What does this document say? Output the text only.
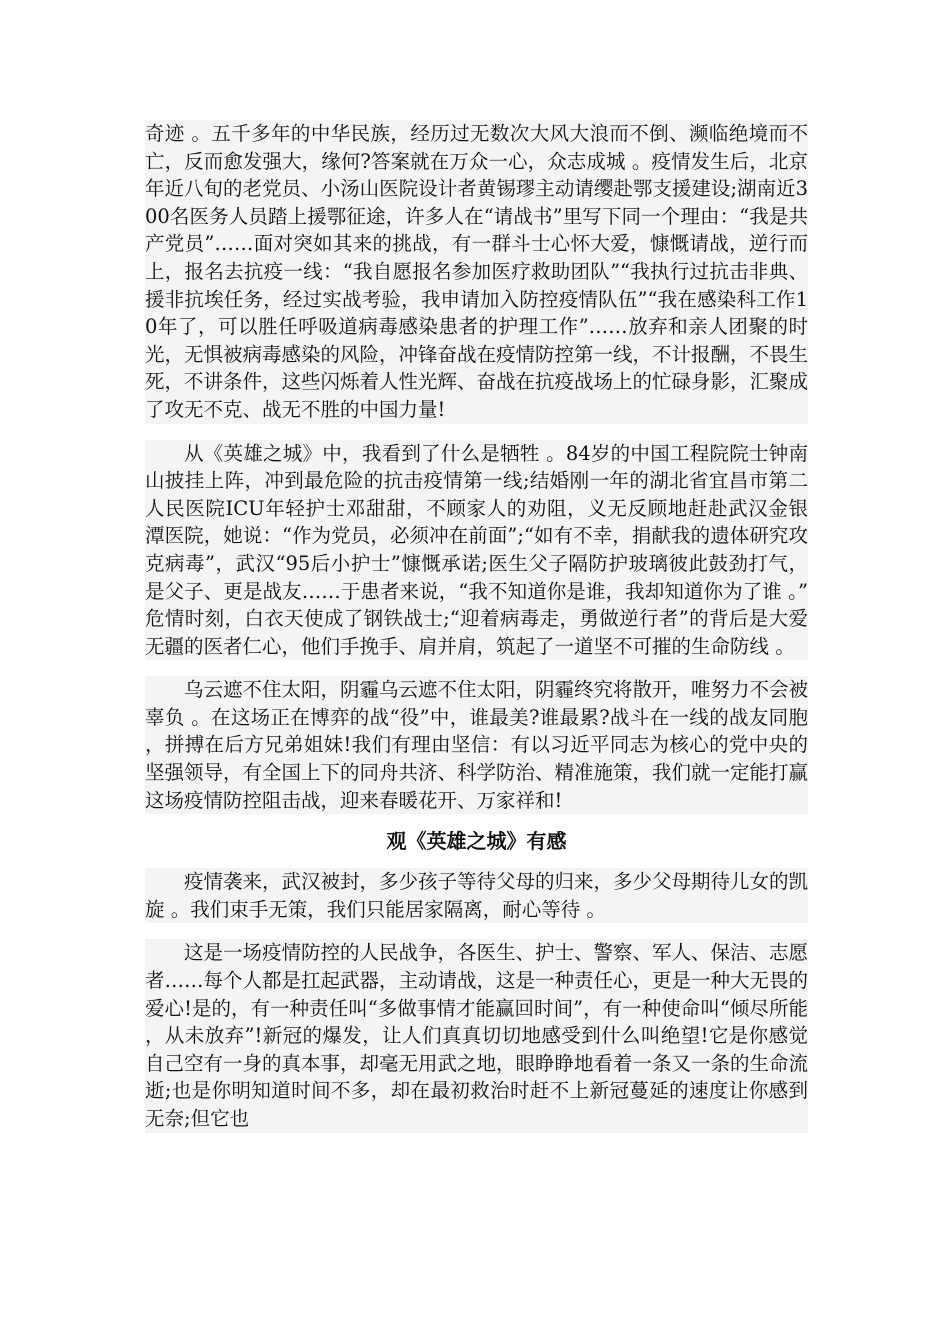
奇迹 。五千多年的中华民族，经历过无数次大风大浪而不倒、濒临绝境而不亡，反而愈发强大，缘何?答案就在万众一心，众志成城 。疫情发生后，北京年近八旬的老党员、小汤山医院设计者黄锡璆主动请缨赴鄂支援建设;湖南近300名医务人员踏上援鄂征途，许多人在“请战书”里写下同一个理由：“我是共产党员”……面对突如其来的挑战，有一群斗士心怀大爱，慷慨请战，逆行而上，报名去抗疫一线：“我自愿报名参加医疗救助团队”“我执行过抗击非典、援非抗埃任务，经过实战考验，我申请加入防控疫情队伍”“我在感染科工作10年了，可以胜任呼吸道病毒感染患者的护理工作”……放弃和亲人团聚的时光，无惧被病毒感染的风险，冲锋奋战在疫情防控第一线，不计报酬，不畏生死，不讲条件，这些闪烁着人性光辉、奋战在抗疫战场上的忙碌身影，汇聚成了攻无不克、战无不胜的中国力量!

从《英雄之城》中，我看到了什么是牺牲 。84岁的中国工程院院士钟南山披挂上阵，冲到最危险的抗击疫情第一线;结婚刚一年的湖北省宜昌市第二人民医院ICU年轻护士邓甜甜，不顾家人的劝阻，义无反顾地赶赴武汉金银潭医院，她说：“作为党员，必须冲在前面”;“如有不幸，捐献我的遗体研究攻克病毒”，武汉“95后小护士”慷慨承诺;医生父子隔防护玻璃彼此鼓劲打气，是父子、更是战友……于患者来说，“我不知道你是谁，我却知道你为了谁 。”危情时刻，白衣天使成了钢铁战士;“迎着病毒走，勇做逆行者”的背后是大爱无疆的医者仁心，他们手挽手、肩并肩，筑起了一道坚不可摧的生命防线 。

乌云遮不住太阳，阴霾乌云遮不住太阳，阴霾终究将散开，唯努力不会被辜负 。在这场正在博弈的战“役”中，谁最美?谁最累?战斗在一线的战友同胞，拼搏在后方兄弟姐妹!我们有理由坚信：有以习近平同志为核心的党中央的坚强领导，有全国上下的同舟共济、科学防治、精准施策，我们就一定能打赢这场疫情防控阻击战，迎来春暖花开、万家祥和!

观《英雄之城》有感

疫情袭来，武汉被封，多少孩子等待父母的归来，多少父母期待儿女的凯旋 。我们束手无策，我们只能居家隔离，耐心等待 。

这是一场疫情防控的人民战争，各医生、护士、警察、军人、保洁、志愿者……每个人都是扛起武器，主动请战，这是一种责任心，更是一种大无畏的爱心!是的，有一种责任叫“多做事情才能赢回时间”，有一种使命叫“倾尽所能，从未放弃”!新冠的爆发，让人们真真切切地感受到什么叫绝望!它是你感觉自己空有一身的真本事，却毫无用武之地，眼睁睁地看着一条又一条的生命流逝;也是你明知道时间不多，却在最初救治时赶不上新冠蔓延的速度让你感到无奈;但它也
